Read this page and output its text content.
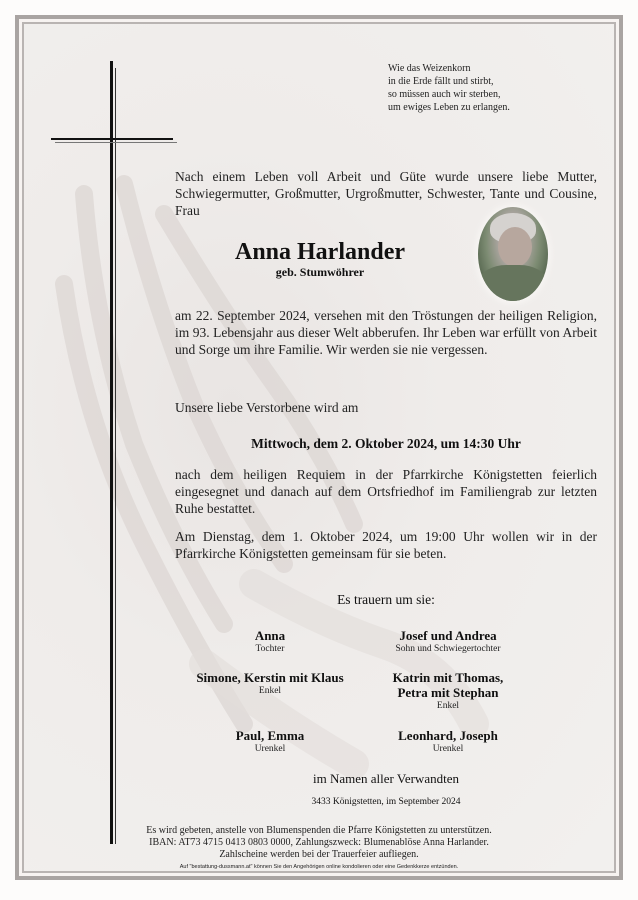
Wie das Weizenkorn
in die Erde fällt und stirbt,
so müssen auch wir sterben,
um ewiges Leben zu erlangen.
Nach einem Leben voll Arbeit und Güte wurde unsere liebe Mutter, Schwiegermutter, Großmutter, Urgroßmutter, Schwester, Tante und Cousine, Frau
Anna Harlander
geb. Stumwöhrer
am 22. September 2024, versehen mit den Tröstungen der heiligen Religion, im 93. Lebensjahr aus dieser Welt abberufen. Ihr Leben war erfüllt von Arbeit und Sorge um ihre Familie. Wir werden sie nie vergessen.
Unsere liebe Verstorbene wird am
Mittwoch, dem 2. Oktober 2024, um 14:30 Uhr
nach dem heiligen Requiem in der Pfarrkirche Königstetten feierlich eingesegnet und danach auf dem Ortsfriedhof im Familiengrab zur letzten Ruhe bestattet.
Am Dienstag, dem 1. Oktober 2024, um 19:00 Uhr wollen wir in der Pfarrkirche Königstetten gemeinsam für sie beten.
Es trauern um sie:
Anna
Tochter
Josef und Andrea
Sohn und Schwiegertochter
Simone, Kerstin mit Klaus
Enkel
Katrin mit Thomas,
Petra mit Stephan
Enkel
Paul, Emma
Urenkel
Leonhard, Joseph
Urenkel
im Namen aller Verwandten
3433 Königstetten, im September 2024
Es wird gebeten, anstelle von Blumenspenden die Pfarre Königstetten zu unterstützen.
IBAN: AT73 4715 0413 0803 0000, Zahlungszweck: Blumenablöse Anna Harlander.
Zahlscheine werden bei der Trauerfeier aufliegen.
Auf "bestattung-dussmann.at" können Sie den Angehörigen online kondolieren oder eine Gedenkkerze entzünden.
